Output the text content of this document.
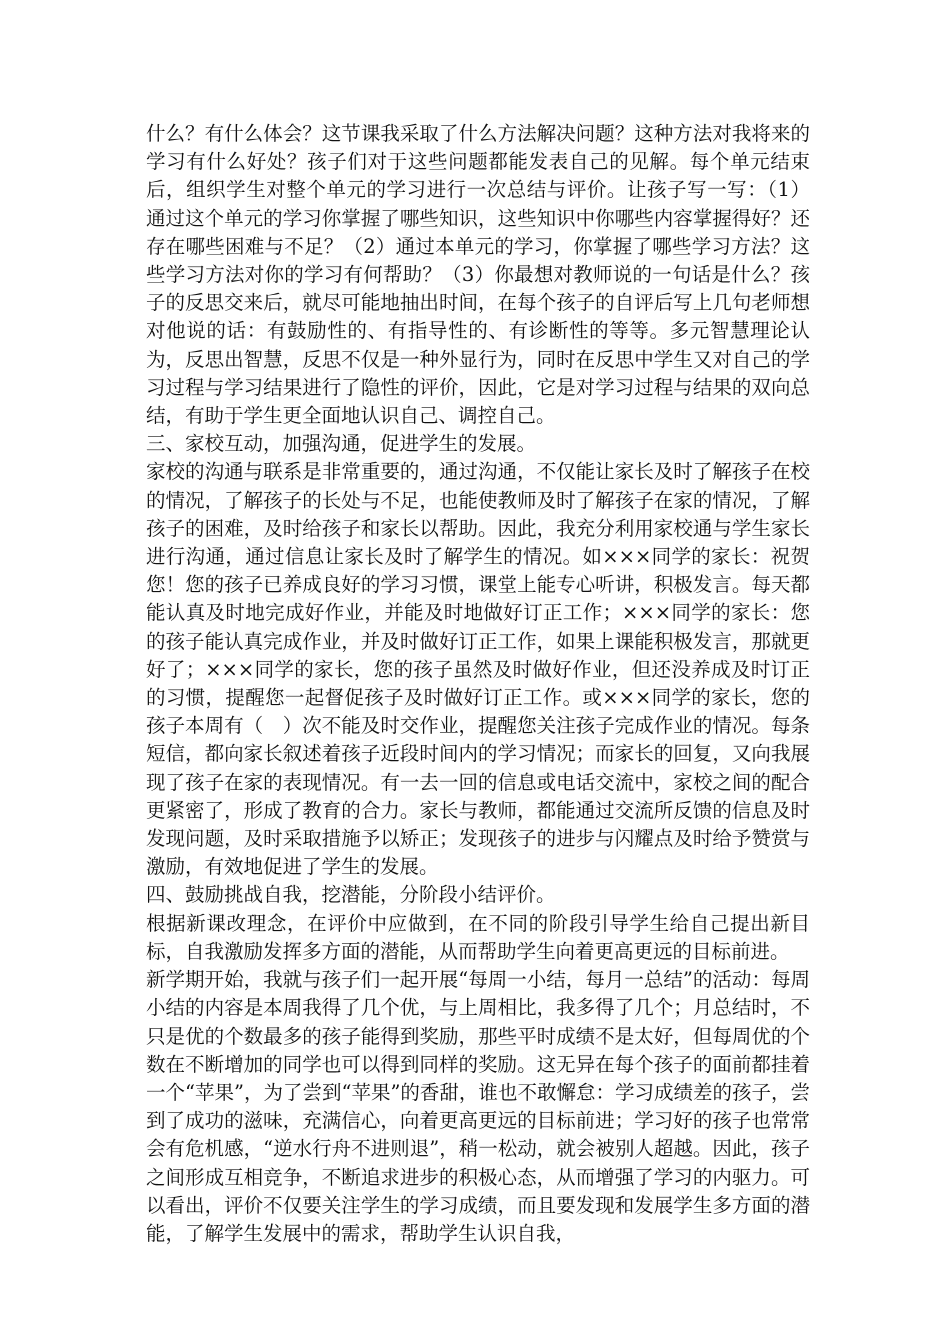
什么？有什么体会？这节课我采取了什么方法解决问题？这种方法对我将来的学习有什么好处？孩子们对于这些问题都能发表自己的见解。每个单元结束后，组织学生对整个单元的学习进行一次总结与评价。让孩子写一写：（1）通过这个单元的学习你掌握了哪些知识，这些知识中你哪些内容掌握得好？还存在哪些困难与不足？（2）通过本单元的学习，你掌握了哪些学习方法？这些学习方法对你的学习有何帮助？（3）你最想对教师说的一句话是什么？孩子的反思交来后，就尽可能地抽出时间，在每个孩子的自评后写上几句老师想对他说的话：有鼓励性的、有指导性的、有诊断性的等等。多元智慧理论认为，反思出智慧，反思不仅是一种外显行为，同时在反思中学生又对自己的学习过程与学习结果进行了隐性的评价，因此，它是对学习过程与结果的双向总结，有助于学生更全面地认识自己、调控自己。

三、家校互动，加强沟通，促进学生的发展。

家校的沟通与联系是非常重要的，通过沟通，不仅能让家长及时了解孩子在校的情况，了解孩子的长处与不足，也能使教师及时了解孩子在家的情况，了解孩子的困难，及时给孩子和家长以帮助。因此，我充分利用家校通与学生家长进行沟通，通过信息让家长及时了解学生的情况。如×××同学的家长：祝贺您！您的孩子已养成良好的学习习惯，课堂上能专心听讲，积极发言。每天都能认真及时地完成好作业，并能及时地做好订正工作；×××同学的家长：您的孩子能认真完成作业，并及时做好订正工作，如果上课能积极发言，那就更好了；×××同学的家长，您的孩子虽然及时做好作业，但还没养成及时订正的习惯，提醒您一起督促孩子及时做好订正工作。或×××同学的家长，您的孩子本周有（　）次不能及时交作业，提醒您关注孩子完成作业的情况。每条短信，都向家长叙述着孩子近段时间内的学习情况；而家长的回复，又向我展现了孩子在家的表现情况。有一去一回的信息或电话交流中，家校之间的配合更紧密了，形成了教育的合力。家长与教师，都能通过交流所反馈的信息及时发现问题，及时采取措施予以矫正；发现孩子的进步与闪耀点及时给予赞赏与激励，有效地促进了学生的发展。

四、鼓励挑战自我，挖潜能，分阶段小结评价。

根据新课改理念，在评价中应做到，在不同的阶段引导学生给自己提出新目标，自我激励发挥多方面的潜能，从而帮助学生向着更高更远的目标前进。

新学期开始，我就与孩子们一起开展“每周一小结，每月一总结”的活动：每周小结的内容是本周我得了几个优，与上周相比，我多得了几个；月总结时，不只是优的个数最多的孩子能得到奖励，那些平时成绩不是太好，但每周优的个数在不断增加的同学也可以得到同样的奖励。这无异在每个孩子的面前都挂着一个“苹果”，为了尝到“苹果”的香甜，谁也不敢懈怠：学习成绩差的孩子，尝到了成功的滋味，充满信心，向着更高更远的目标前进；学习好的孩子也常常会有危机感，“逆水行舟不进则退”，稍一松动，就会被别人超越。因此，孩子之间形成互相竞争，不断追求进步的积极心态，从而增强了学习的内驱力。可以看出，评价不仅要关注学生的学习成绩，而且要发现和发展学生多方面的潜能，了解学生发展中的需求，帮助学生认识自我，
